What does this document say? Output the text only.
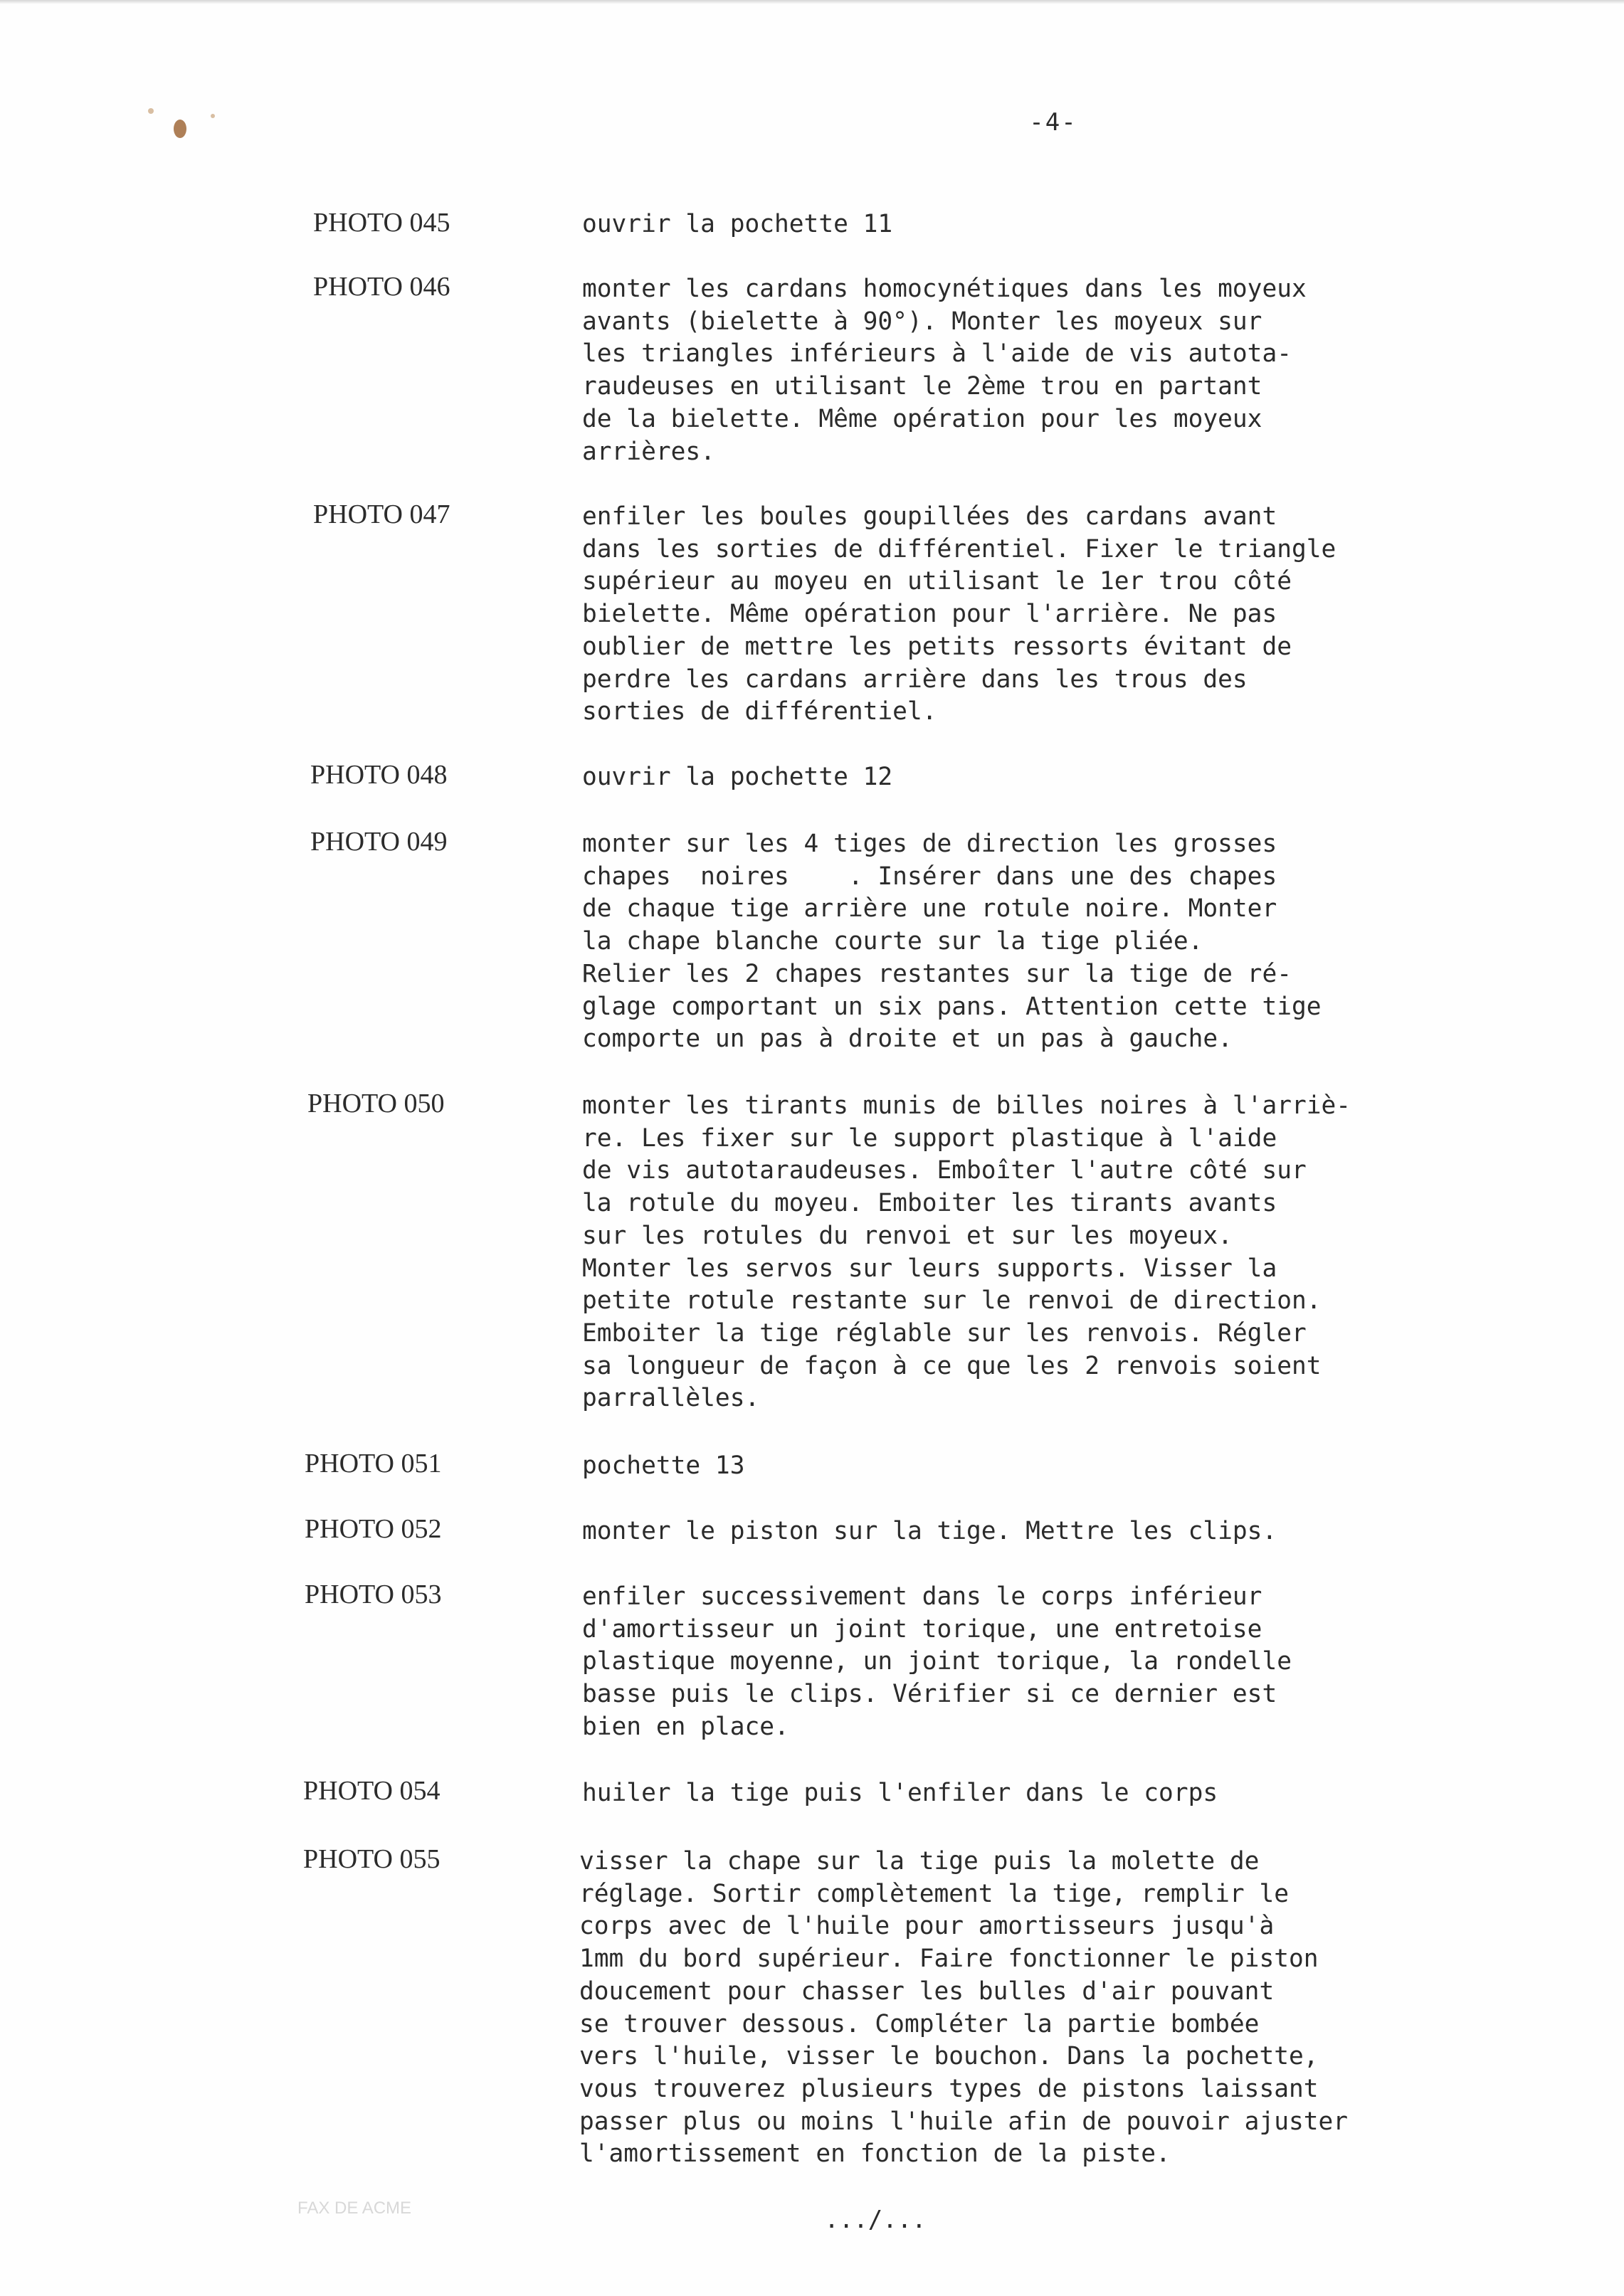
-4-
PHOTO 045	ouvrir la pochette 11
PHOTO 046	monter les cardans homocynétiques dans les moyeux
avants (bielette à 90°). Monter les moyeux sur
les triangles inférieurs à l'aide de vis autota-
raudeuses en utilisant le 2ème trou en partant
de la bielette. Même opération pour les moyeux
arrières.
PHOTO 047	enfiler les boules goupillées des cardans avant
dans les sorties de différentiel. Fixer le triangle
supérieur au moyeu en utilisant le 1er trou côté
bielette. Même opération pour l'arrière. Ne pas
oublier de mettre les petits ressorts évitant de
perdre les cardans arrière dans les trous des
sorties de différentiel.
PHOTO 048	ouvrir la pochette 12
PHOTO 049	monter sur les 4 tiges de direction les grosses
chapes  noires    . Insérer dans une des chapes
de chaque tige arrière une rotule noire. Monter
la chape blanche courte sur la tige pliée.
Relier les 2 chapes restantes sur la tige de ré-
glage comportant un six pans. Attention cette tige
comporte un pas à droite et un pas à gauche.
PHOTO 050	monter les tirants munis de billes noires à l'arriè-
re. Les fixer sur le support plastique à l'aide
de vis autotaraudeuses. Emboîter l'autre côté sur
la rotule du moyeu. Emboiter les tirants avants
sur les rotules du renvoi et sur les moyeux.
Monter les servos sur leurs supports. Visser la
petite rotule restante sur le renvoi de direction.
Emboiter la tige réglable sur les renvois. Régler
sa longueur de façon à ce que les 2 renvois soient
parrallèles.
PHOTO 051	pochette 13
PHOTO 052	monter le piston sur la tige. Mettre les clips.
PHOTO 053	enfiler successivement dans le corps inférieur
d'amortisseur un joint torique, une entretoise
plastique moyenne, un joint torique, la rondelle
basse puis le clips. Vérifier si ce dernier est
bien en place.
PHOTO 054	huiler la tige puis l'enfiler dans le corps
PHOTO 055	visser la chape sur la tige puis la molette de
réglage. Sortir complètement la tige, remplir le
corps avec de l'huile pour amortisseurs jusqu'à
1mm du bord supérieur. Faire fonctionner le piston
doucement pour chasser les bulles d'air pouvant
se trouver dessous. Compléter la partie bombée
vers l'huile, visser le bouchon. Dans la pochette,
vous trouverez plusieurs types de pistons laissant
passer plus ou moins l'huile afin de pouvoir ajuster
l'amortissement en fonction de la piste.
FAX DE ACME	.../...
